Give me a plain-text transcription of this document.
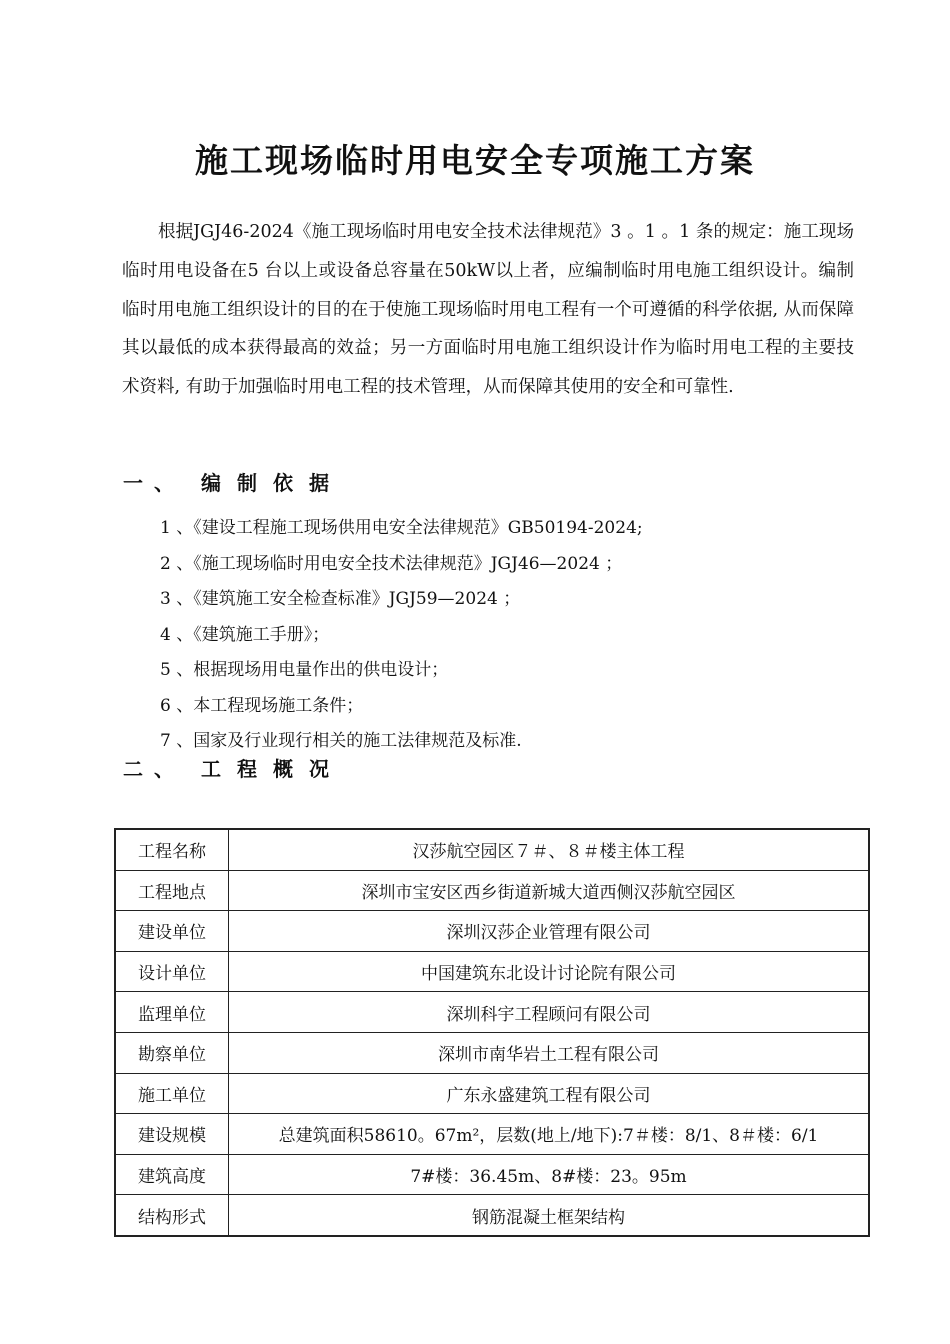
施工现场临时用电安全专项施工方案

根据JGJ46-2024《施工现场临时用电安全技术法律规范》3 。1 。1 条的规定：施工现场临时用电设备在5 台以上或设备总容量在50kW以上者，应编制临时用电施工组织设计。编制临时用电施工组织设计的目的在于使施工现场临时用电工程有一个可遵循的科学依据, 从而保障其以最低的成本获得最高的效益；另一方面临时用电施工组织设计作为临时用电工程的主要技术资料, 有助于加强临时用电工程的技术管理，从而保障其使用的安全和可靠性.

一 、 编 制 依 据
1 、《建设工程施工现场供用电安全法律规范》GB50194-2024;
2 、《施工现场临时用电安全技术法律规范》JGJ46—2024 ；
3 、《建筑施工安全检查标准》JGJ59—2024 ；
4 、《建筑施工手册》；
5 、根据现场用电量作出的供电设计；
6 、本工程现场施工条件；
7 、国家及行业现行相关的施工法律规范及标准.
二 、 工 程 概 况
工程名称	汉莎航空园区７＃、８＃楼主体工程
工程地点	深圳市宝安区西乡街道新城大道西侧汉莎航空园区
建设单位	深圳汉莎企业管理有限公司
设计单位	中国建筑东北设计讨论院有限公司
监理单位	深圳科宇工程顾问有限公司
勘察单位	深圳市南华岩土工程有限公司
施工单位	广东永盛建筑工程有限公司
建设规模	总建筑面积58610。67m²，层数(地上/地下):7＃楼：8/1、8＃楼：6/1
建筑高度	7#楼：36.45m、8#楼：23。95m
结构形式	钢筋混凝土框架结构
